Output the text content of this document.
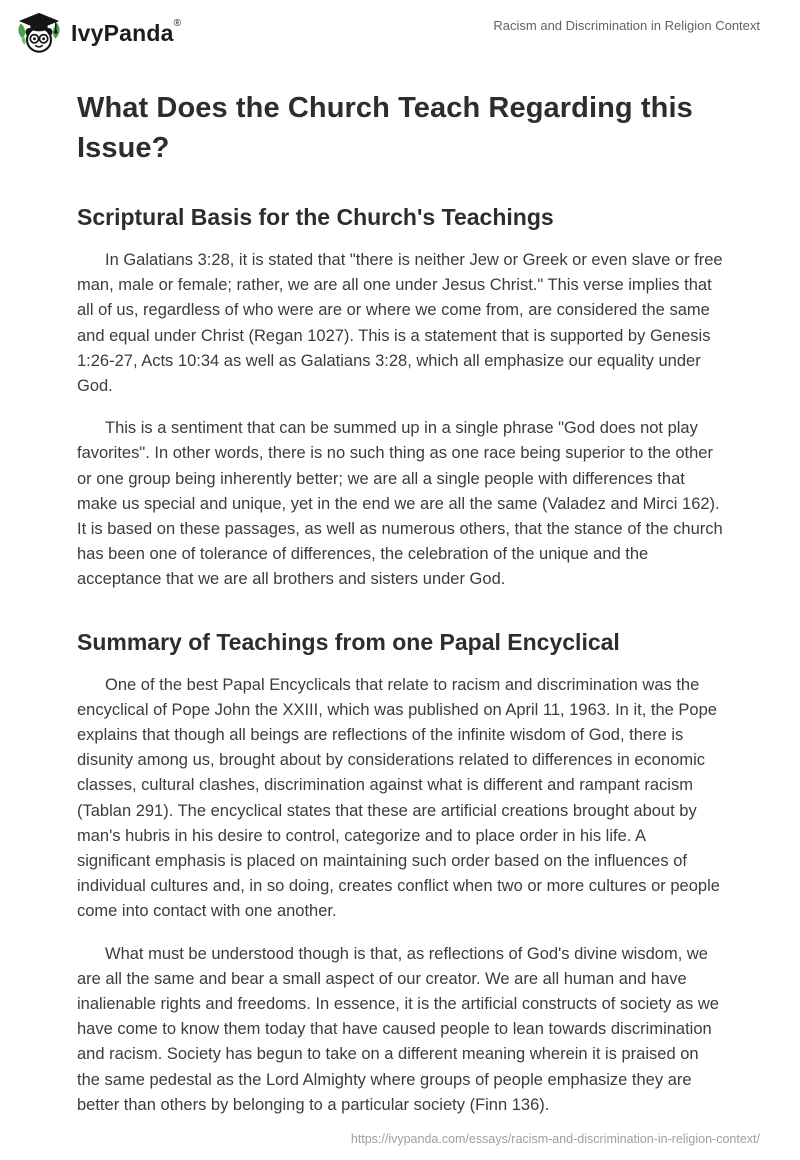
IvyPanda®	Racism and Discrimination in Religion Context
What Does the Church Teach Regarding this Issue?
Scriptural Basis for the Church's Teachings

In Galatians 3:28, it is stated that "there is neither Jew or Greek or even slave or free man, male or female; rather, we are all one under Jesus Christ." This verse implies that all of us, regardless of who were are or where we come from, are considered the same and equal under Christ (Regan 1027). This is a statement that is supported by Genesis 1:26-27, Acts 10:34 as well as Galatians 3:28, which all emphasize our equality under God.

This is a sentiment that can be summed up in a single phrase "God does not play favorites". In other words, there is no such thing as one race being superior to the other or one group being inherently better; we are all a single people with differences that make us special and unique, yet in the end we are all the same (Valadez and Mirci 162). It is based on these passages, as well as numerous others, that the stance of the church has been one of tolerance of differences, the celebration of the unique and the acceptance that we are all brothers and sisters under God.

Summary of Teachings from one Papal Encyclical

One of the best Papal Encyclicals that relate to racism and discrimination was the encyclical of Pope John the XXIII, which was published on April 11, 1963. In it, the Pope explains that though all beings are reflections of the infinite wisdom of God, there is disunity among us, brought about by considerations related to differences in economic classes, cultural clashes, discrimination against what is different and rampant racism (Tablan 291). The encyclical states that these are artificial creations brought about by man's hubris in his desire to control, categorize and to place order in his life. A significant emphasis is placed on maintaining such order based on the influences of individual cultures and, in so doing, creates conflict when two or more cultures or people come into contact with one another.

What must be understood though is that, as reflections of God's divine wisdom, we are all the same and bear a small aspect of our creator. We are all human and have inalienable rights and freedoms. In essence, it is the artificial constructs of society as we have come to know them today that have caused people to lean towards discrimination and racism. Society has begun to take on a different meaning wherein it is praised on the same pedestal as the Lord Almighty where groups of people emphasize they are better than others by belonging to a particular society (Finn 136).

https://ivypanda.com/essays/racism-and-discrimination-in-religion-context/
